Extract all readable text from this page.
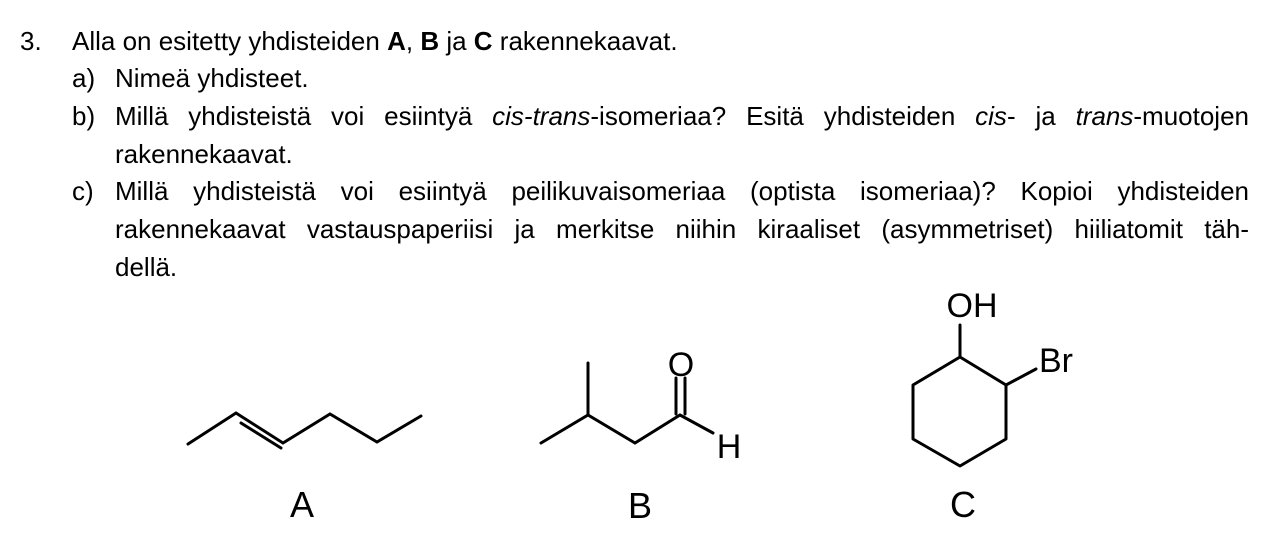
3. Alla on esitetty yhdisteiden A, B ja C rakennekaavat.
a) Nimeä yhdisteet.
b) Millä yhdisteistä voi esiintyä cis-trans-isomeriaa? Esitä yhdisteiden cis- ja trans-muotojen
rakennekaavat.
c) Millä yhdisteistä voi esiintyä peilikuvaisomeriaa (optista isomeriaa)? Kopioi yhdisteiden
rakennekaavat vastauspaperiisi ja merkitse niihin kiraaliset (asymmetriset) hiiliatomit täh-
dellä.
A
O
H
B
OH
Br
C
